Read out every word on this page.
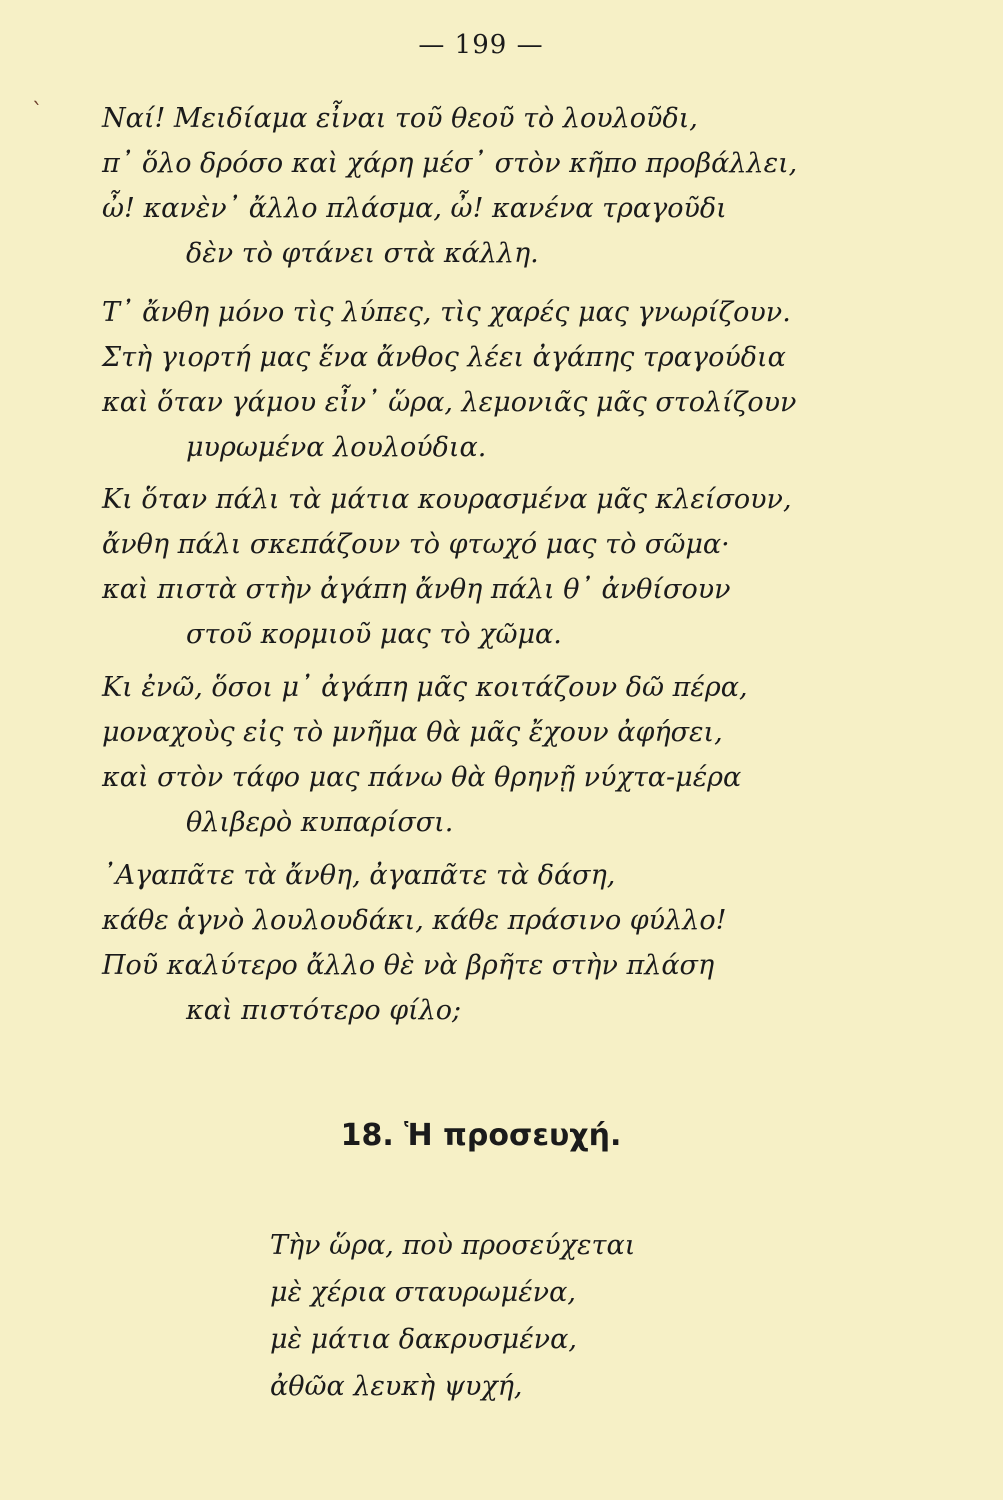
`
— 199 —
Ναί! Μειδίαμα εἶναι τοῦ θεοῦ τὸ λουλοῦδι,
π᾿ ὅλο δρόσο καὶ χάρη μέσ᾿ στὸν κῆπο προβάλλει,
ὦ! κανὲν᾿ ἄλλο πλάσμα, ὦ! κανένα τραγοῦδι
δὲν τὸ φτάνει στὰ κάλλη.
Τ᾿ ἄνθη μόνο τὶς λύπες, τὶς χαρές μας γνωρίζουν.
Στὴ γιορτή μας ἕνα ἄνθος λέει ἀγάπης τραγούδια
καὶ ὅταν γάμου εἶν᾿ ὥρα, λεμονιᾶς μᾶς στολίζουν
μυρωμένα λουλούδια.
Κι ὅταν πάλι τὰ μάτια κουρασμένα μᾶς κλείσουν,
ἄνθη πάλι σκεπάζουν τὸ φτωχό μας τὸ σῶμα·
καὶ πιστὰ στὴν ἀγάπη ἄνθη πάλι θ᾿ ἀνθίσουν
στοῦ κορμιοῦ μας τὸ χῶμα.
Κι ἐνῶ, ὅσοι μ᾿ ἀγάπη μᾶς κοιτάζουν δῶ πέρα,
μοναχοὺς εἰς τὸ μνῆμα θὰ μᾶς ἔχουν ἀφήσει,
καὶ στὸν τάφο μας πάνω θὰ θρηνῇ νύχτα-μέρα
θλιβερὸ κυπαρίσσι.
᾿Αγαπᾶτε τὰ ἄνθη, ἀγαπᾶτε τὰ δάση,
κάθε ἁγνὸ λουλουδάκι, κάθε πράσινο φύλλο!
Ποῦ καλύτερο ἄλλο θὲ νὰ βρῆτε στὴν πλάση
καὶ πιστότερο φίλο;
18. Ἡ προσευχή.
Τὴν ὥρα, ποὺ προσεύχεται
μὲ χέρια σταυρωμένα,
μὲ μάτια δακρυσμένα,
ἀθῶα λευκὴ ψυχή,
